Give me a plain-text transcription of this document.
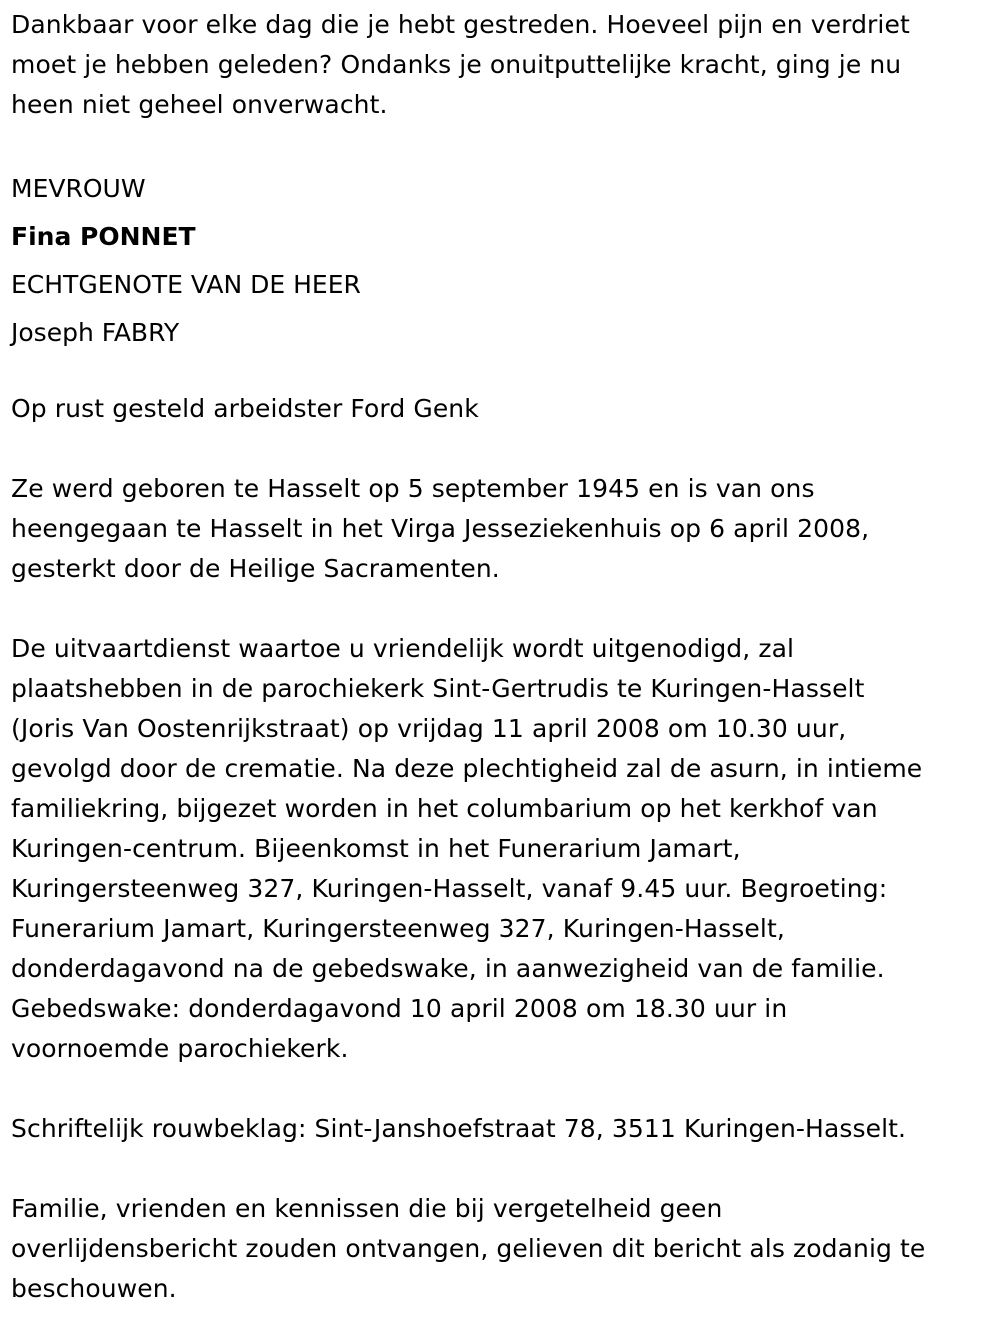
Dankbaar voor elke dag die je hebt gestreden. Hoeveel pijn en verdriet
moet je hebben geleden? Ondanks je onuitputtelijke kracht, ging je nu
heen niet geheel onverwacht.
MEVROUW
Fina PONNET
ECHTGENOTE VAN DE HEER
Joseph FABRY
Op rust gesteld arbeidster Ford Genk
Ze werd geboren te Hasselt op 5 september 1945 en is van ons
heengegaan te Hasselt in het Virga Jesseziekenhuis op 6 april 2008,
gesterkt door de Heilige Sacramenten.
De uitvaartdienst waartoe u vriendelijk wordt uitgenodigd, zal
plaatshebben in de parochiekerk Sint-Gertrudis te Kuringen-Hasselt
(Joris Van Oostenrijkstraat) op vrijdag 11 april 2008 om 10.30 uur,
gevolgd door de crematie. Na deze plechtigheid zal de asurn, in intieme
familiekring, bijgezet worden in het columbarium op het kerkhof van
Kuringen-centrum. Bijeenkomst in het Funerarium Jamart,
Kuringersteenweg 327, Kuringen-Hasselt, vanaf 9.45 uur. Begroeting:
Funerarium Jamart, Kuringersteenweg 327, Kuringen-Hasselt,
donderdagavond na de gebedswake, in aanwezigheid van de familie.
Gebedswake: donderdagavond 10 april 2008 om 18.30 uur in
voornoemde parochiekerk.
Schriftelijk rouwbeklag: Sint-Janshoefstraat 78, 3511 Kuringen-Hasselt.
Familie, vrienden en kennissen die bij vergetelheid geen
overlijdensbericht zouden ontvangen, gelieven dit bericht als zodanig te
beschouwen.
